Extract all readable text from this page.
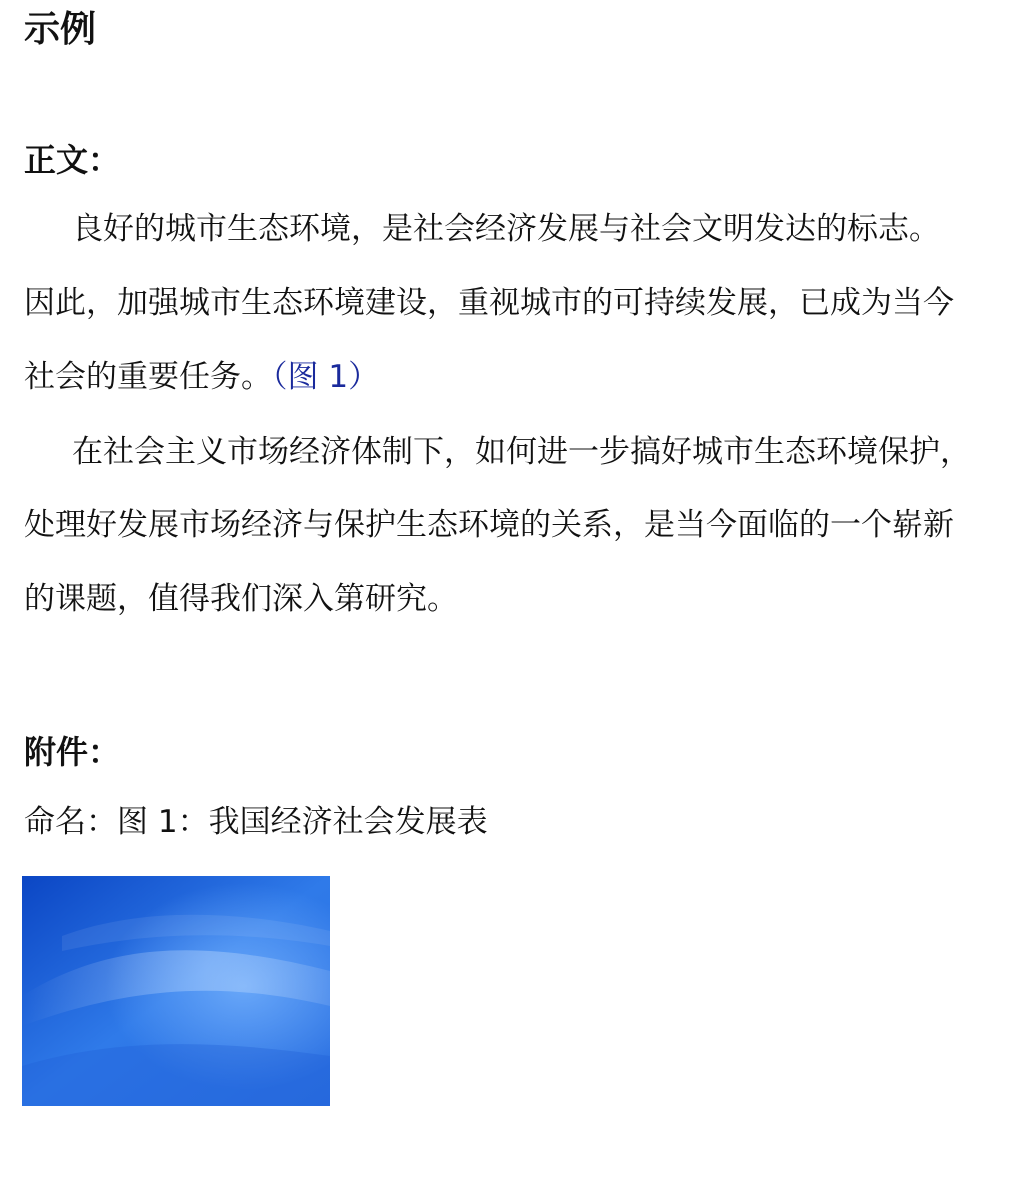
示例
正文：
良好的城市生态环境，是社会经济发展与社会文明发达的标志。
因此，加强城市生态环境建设，重视城市的可持续发展，已成为当今
社会的重要任务。（图 1）
在社会主义市场经济体制下，如何进一步搞好城市生态环境保护，
处理好发展市场经济与保护生态环境的关系，是当今面临的一个崭新
的课题，值得我们深入第研究。
附件：
命名：图 1：我国经济社会发展表
